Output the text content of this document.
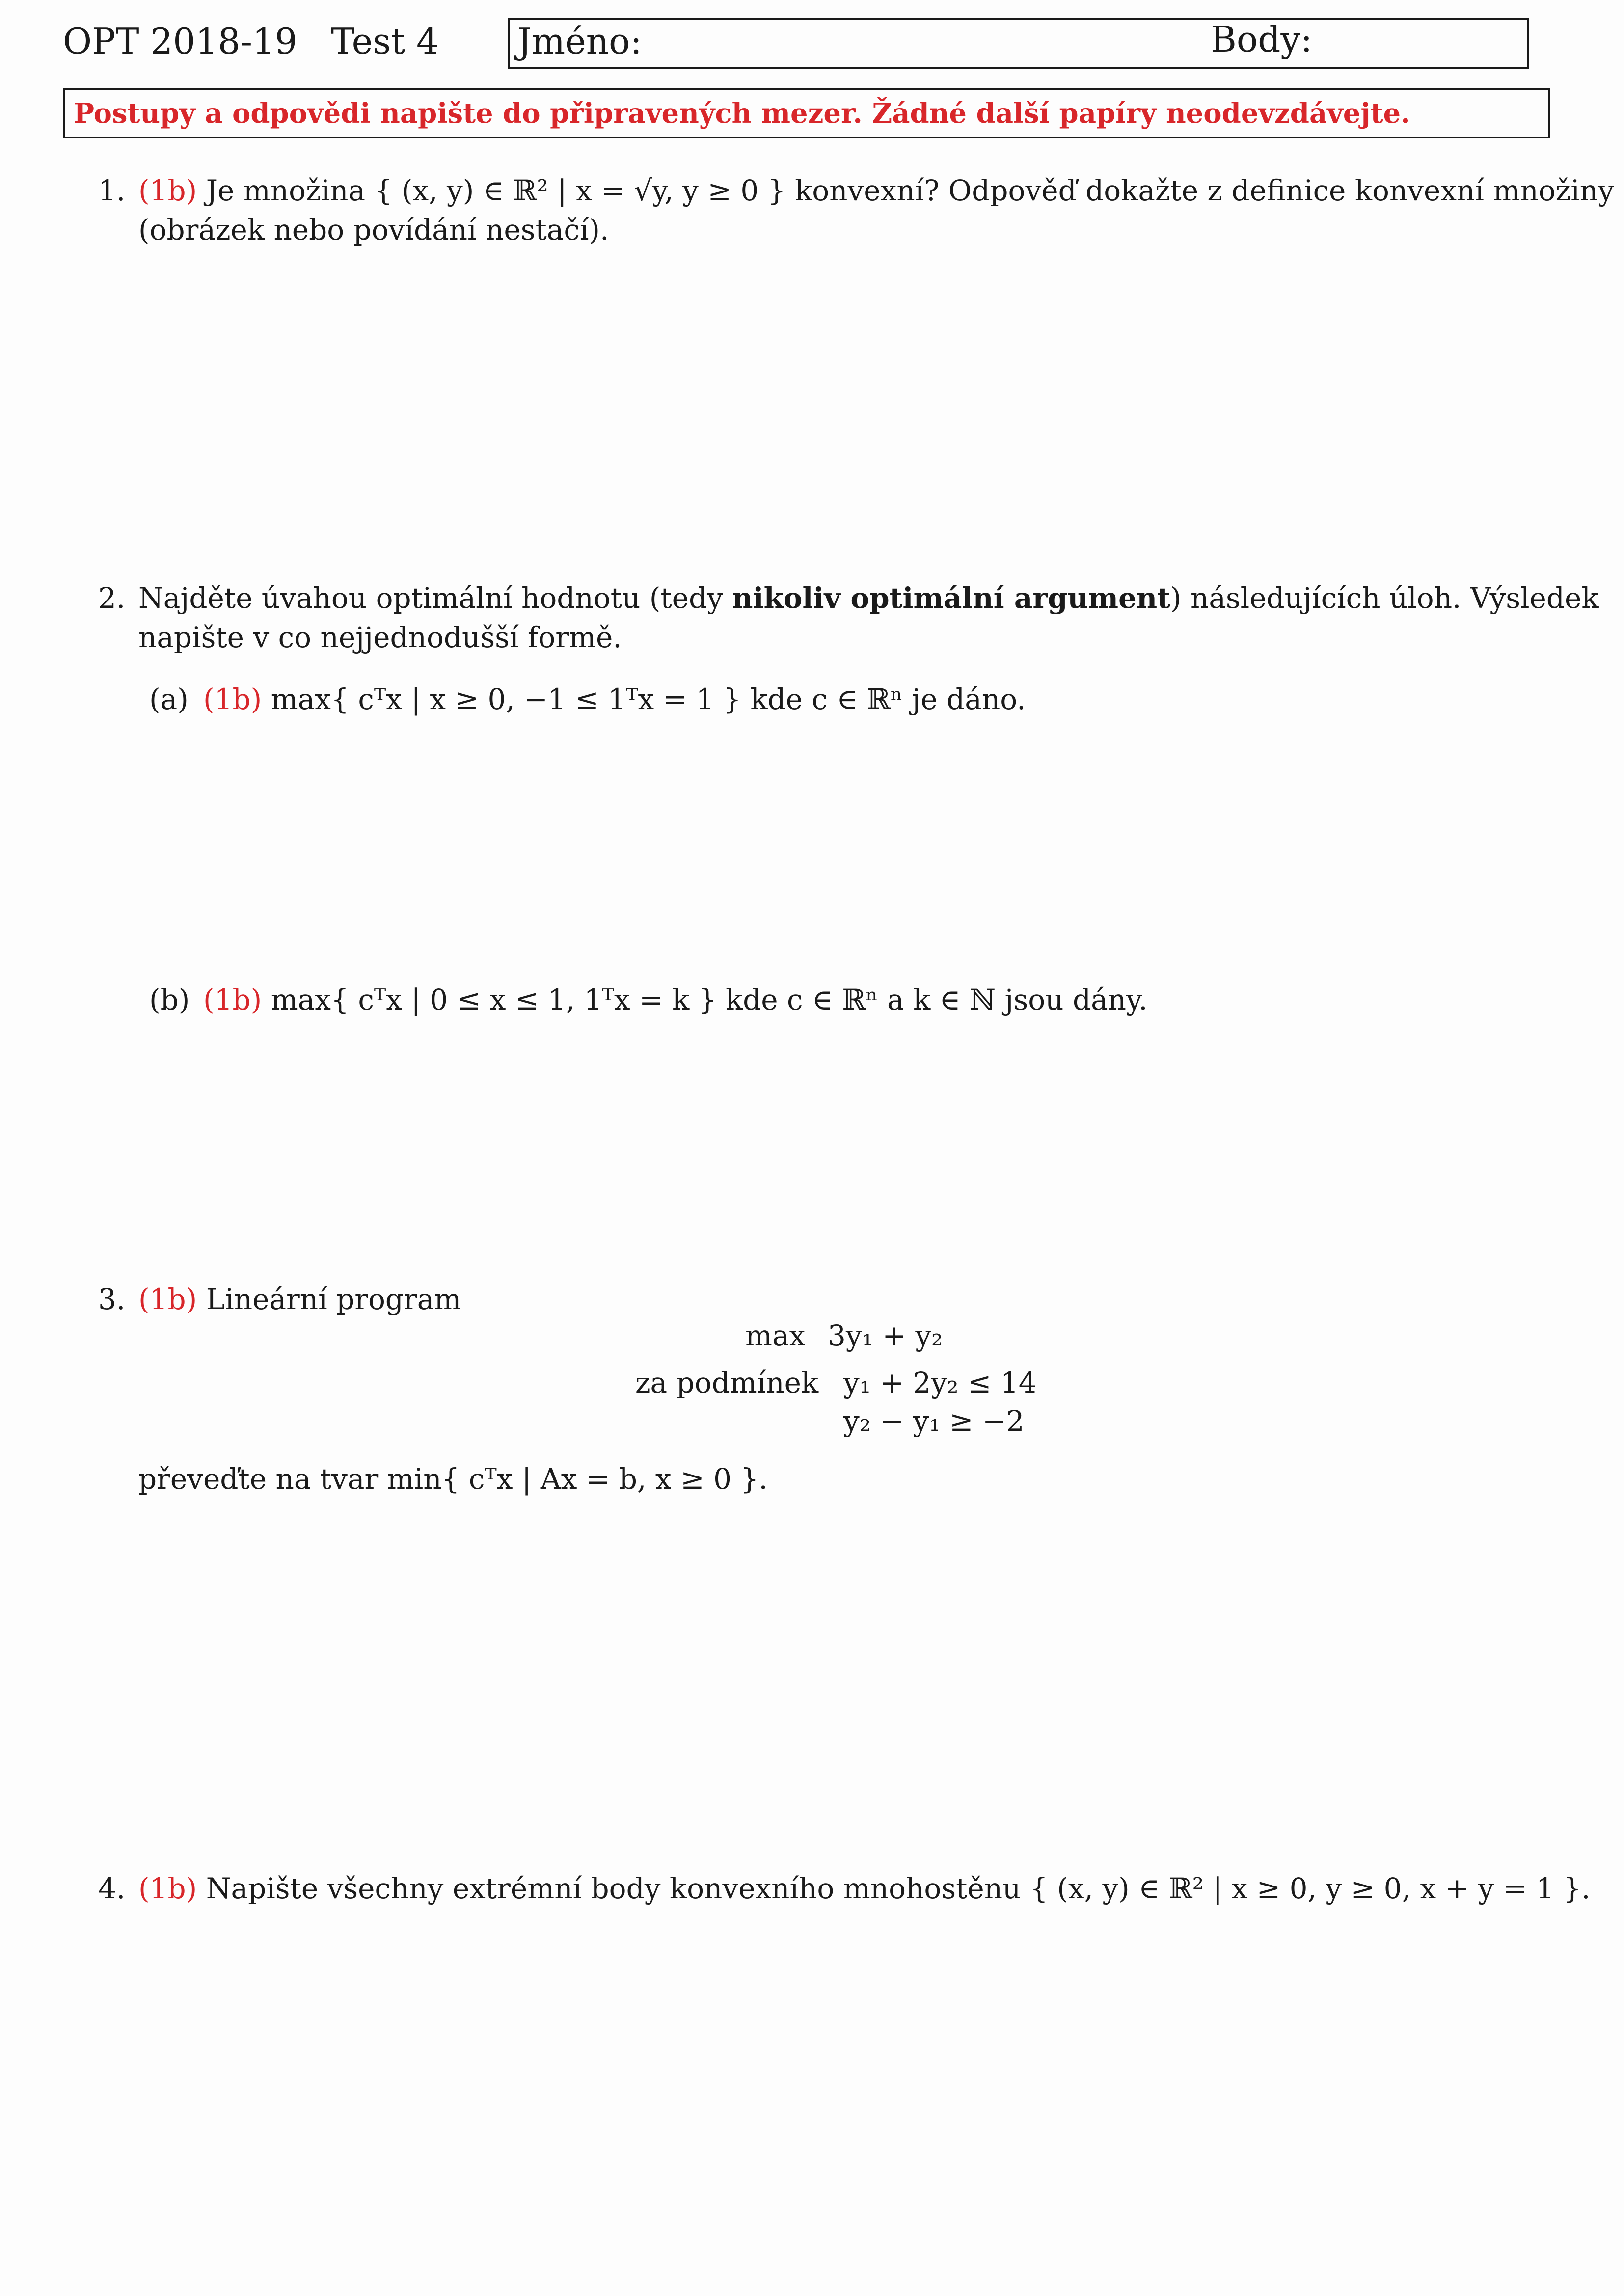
OPT 2018-19 Test 4 Jméno:	Body:
Postupy a odpovědi napište do připravených mezer. Žádné další papíry neodevzdávejte.
1. (1b) Je množina { (x, y) ∈ ℝ² | x = √y, y ≥ 0 } konvexní? Odpověď dokažte z definice konvexní množiny
(obrázek nebo povídání nestačí).
2. Najděte úvahou optimální hodnotu (tedy nikoliv optimální argument) následujících úloh. Výsledek
napište v co nejjednodušší formě.
(a) (1b) max{ cᵀx | x ≥ 0, −1 ≤ 1ᵀx = 1 } kde c ∈ ℝⁿ je dáno.
(b) (1b) max{ cᵀx | 0 ≤ x ≤ 1, 1ᵀx = k } kde c ∈ ℝⁿ a k ∈ ℕ jsou dány.
3. (1b) Lineární program
max 3y₁ + y₂
za podmínek y₁ + 2y₂ ≤ 14
y₂ − y₁ ≥ −2
převeďte na tvar min{ cᵀx | Ax = b, x ≥ 0 }.
4. (1b) Napište všechny extrémní body konvexního mnohostěnu { (x, y) ∈ ℝ² | x ≥ 0, y ≥ 0, x + y = 1 }.
